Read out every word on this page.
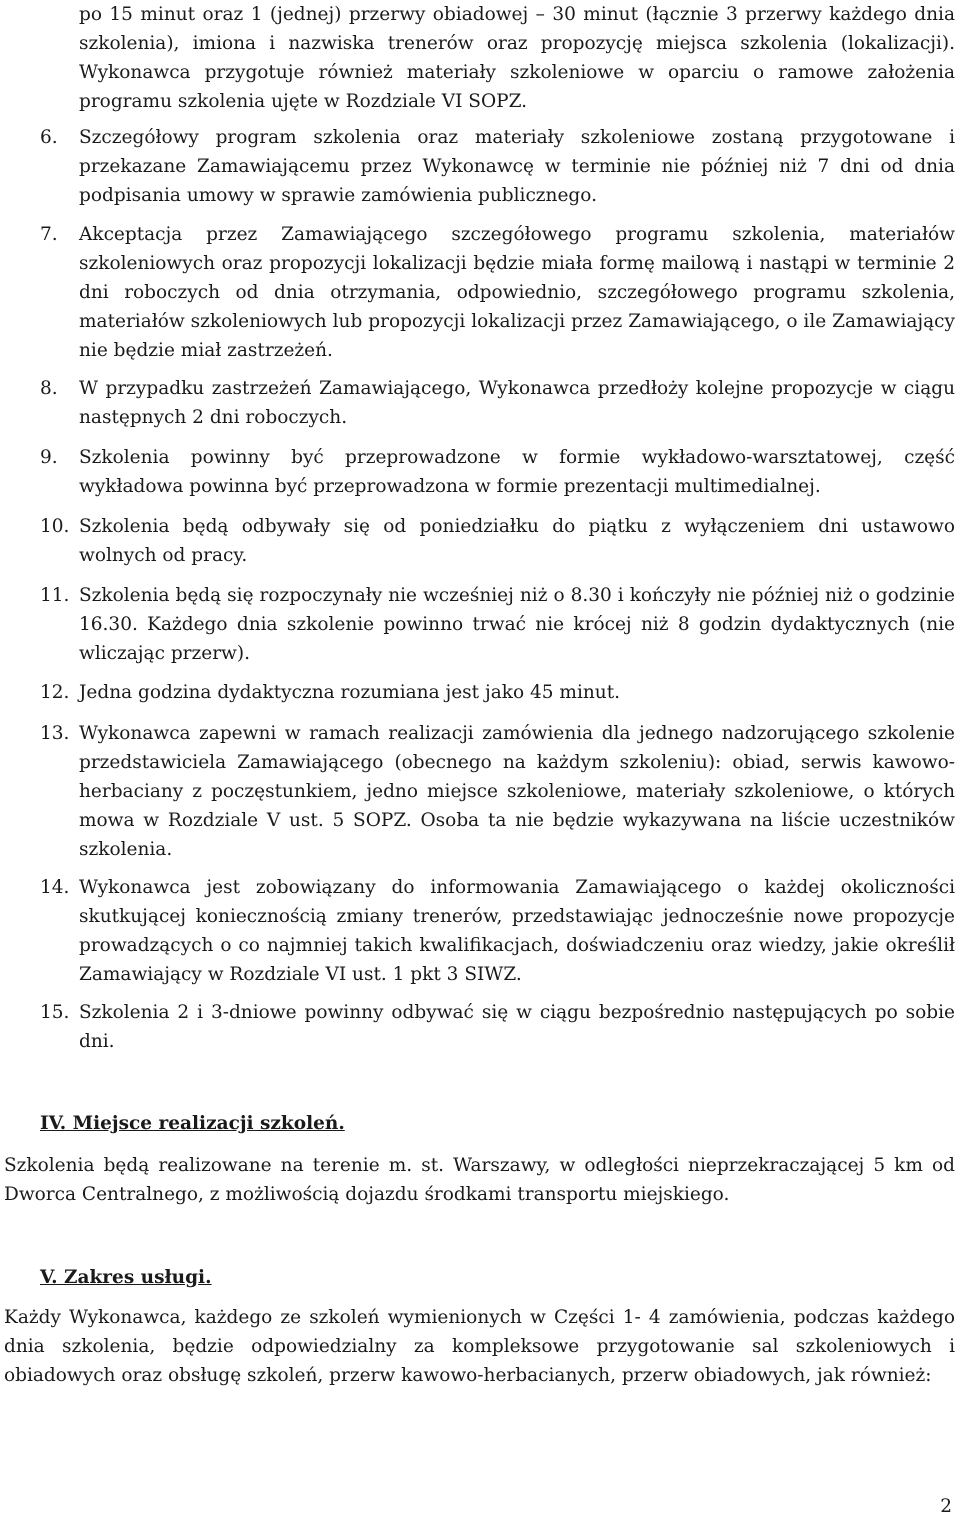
po 15 minut oraz 1 (jednej) przerwy obiadowej – 30 minut (łącznie 3 przerwy każdego dnia szkolenia), imiona i nazwiska trenerów oraz propozycję miejsca szkolenia (lokalizacji). Wykonawca przygotuje również materiały szkoleniowe w oparciu o ramowe założenia programu szkolenia ujęte w Rozdziale VI SOPZ.

6. Szczegółowy program szkolenia oraz materiały szkoleniowe zostaną przygotowane i przekazane Zamawiającemu przez Wykonawcę w terminie nie później niż 7 dni od dnia podpisania umowy w sprawie zamówienia publicznego.
7. Akceptacja przez Zamawiającego szczegółowego programu szkolenia, materiałów szkoleniowych oraz propozycji lokalizacji będzie miała formę mailową i nastąpi w terminie 2 dni roboczych od dnia otrzymania, odpowiednio, szczegółowego programu szkolenia, materiałów szkoleniowych lub propozycji lokalizacji przez Zamawiającego, o ile Zamawiający nie będzie miał zastrzeżeń.
8. W przypadku zastrzeżeń Zamawiającego, Wykonawca przedłoży kolejne propozycje w ciągu następnych 2 dni roboczych.
9. Szkolenia powinny być przeprowadzone w formie wykładowo-warsztatowej, część wykładowa powinna być przeprowadzona w formie prezentacji multimedialnej.
10. Szkolenia będą odbywały się od poniedziałku do piątku z wyłączeniem dni ustawowo wolnych od pracy.
11. Szkolenia będą się rozpoczynały nie wcześniej niż o 8.30 i kończyły nie później niż o godzinie 16.30. Każdego dnia szkolenie powinno trwać nie krócej niż 8 godzin dydaktycznych (nie wliczając przerw).
12. Jedna godzina dydaktyczna rozumiana jest jako 45 minut.
13. Wykonawca zapewni w ramach realizacji zamówienia dla jednego nadzorującego szkolenie przedstawiciela Zamawiającego (obecnego na każdym szkoleniu): obiad, serwis kawowo-herbaciany z poczęstunkiem, jedno miejsce szkoleniowe, materiały szkoleniowe, o których mowa w Rozdziale V ust. 5 SOPZ. Osoba ta nie będzie wykazywana na liście uczestników szkolenia.
14. Wykonawca jest zobowiązany do informowania Zamawiającego o każdej okoliczności skutkującej koniecznością zmiany trenerów, przedstawiając jednocześnie nowe propozycje prowadzących o co najmniej takich kwalifikacjach, doświadczeniu oraz wiedzy, jakie określił Zamawiający w Rozdziale VI ust. 1 pkt 3 SIWZ.
15. Szkolenia 2 i 3-dniowe powinny odbywać się w ciągu bezpośrednio następujących po sobie dni.
IV. Miejsce realizacji szkoleń.

Szkolenia będą realizowane na terenie m. st. Warszawy, w odległości nieprzekraczającej 5 km od Dworca Centralnego, z możliwością dojazdu środkami transportu miejskiego.

V. Zakres usługi.

Każdy Wykonawca, każdego ze szkoleń wymienionych w Części 1- 4 zamówienia, podczas każdego dnia szkolenia, będzie odpowiedzialny za kompleksowe przygotowanie sal szkoleniowych i obiadowych oraz obsługę szkoleń, przerw kawowo-herbacianych, przerw obiadowych, jak również:

2
